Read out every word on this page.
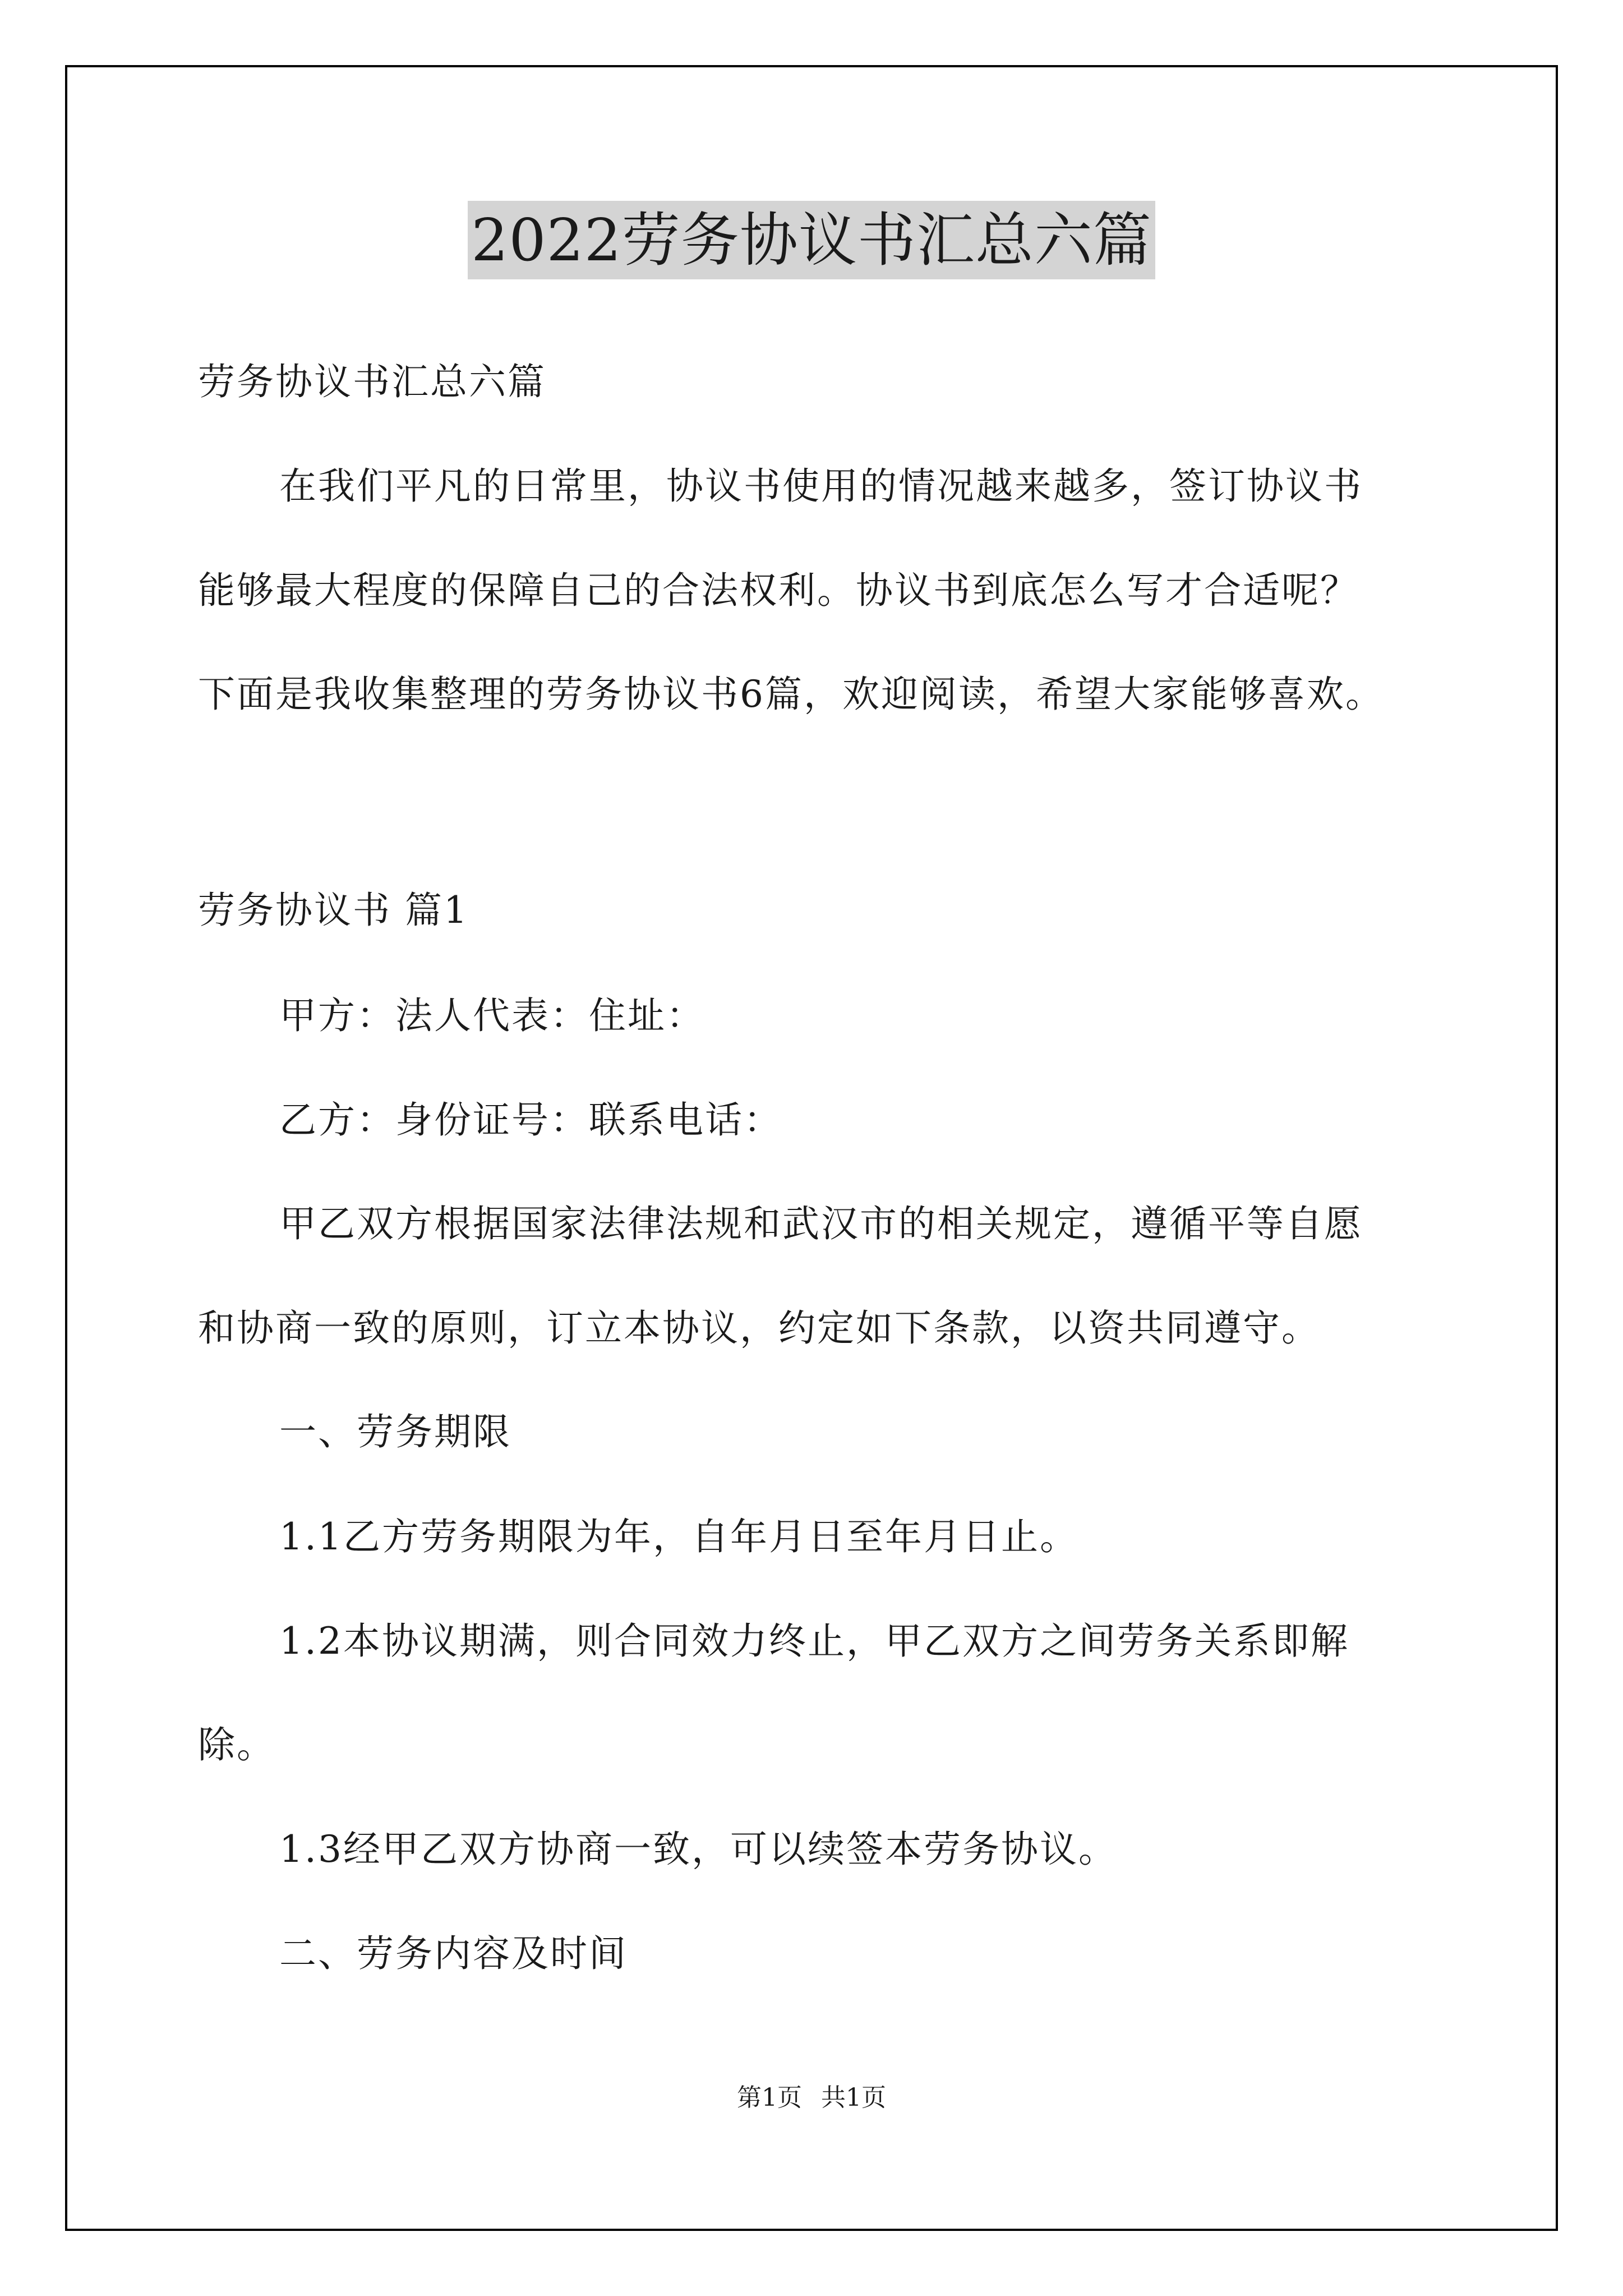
2022劳务协议书汇总六篇
劳务协议书汇总六篇
在我们平凡的日常里，协议书使用的情况越来越多，签订协议书
能够最大程度的保障自己的合法权利。协议书到底怎么写才合适呢？
下面是我收集整理的劳务协议书6篇，欢迎阅读，希望大家能够喜欢。
劳务协议书 篇1
甲方：法人代表：住址：
乙方：身份证号：联系电话：
甲乙双方根据国家法律法规和武汉市的相关规定，遵循平等自愿
和协商一致的原则，订立本协议，约定如下条款，以资共同遵守。
一、劳务期限
1.1乙方劳务期限为年，自年月日至年月日止。
1.2本协议期满，则合同效力终止，甲乙双方之间劳务关系即解
除。
1.3经甲乙双方协商一致，可以续签本劳务协议。
二、劳务内容及时间
第1页 共1页
